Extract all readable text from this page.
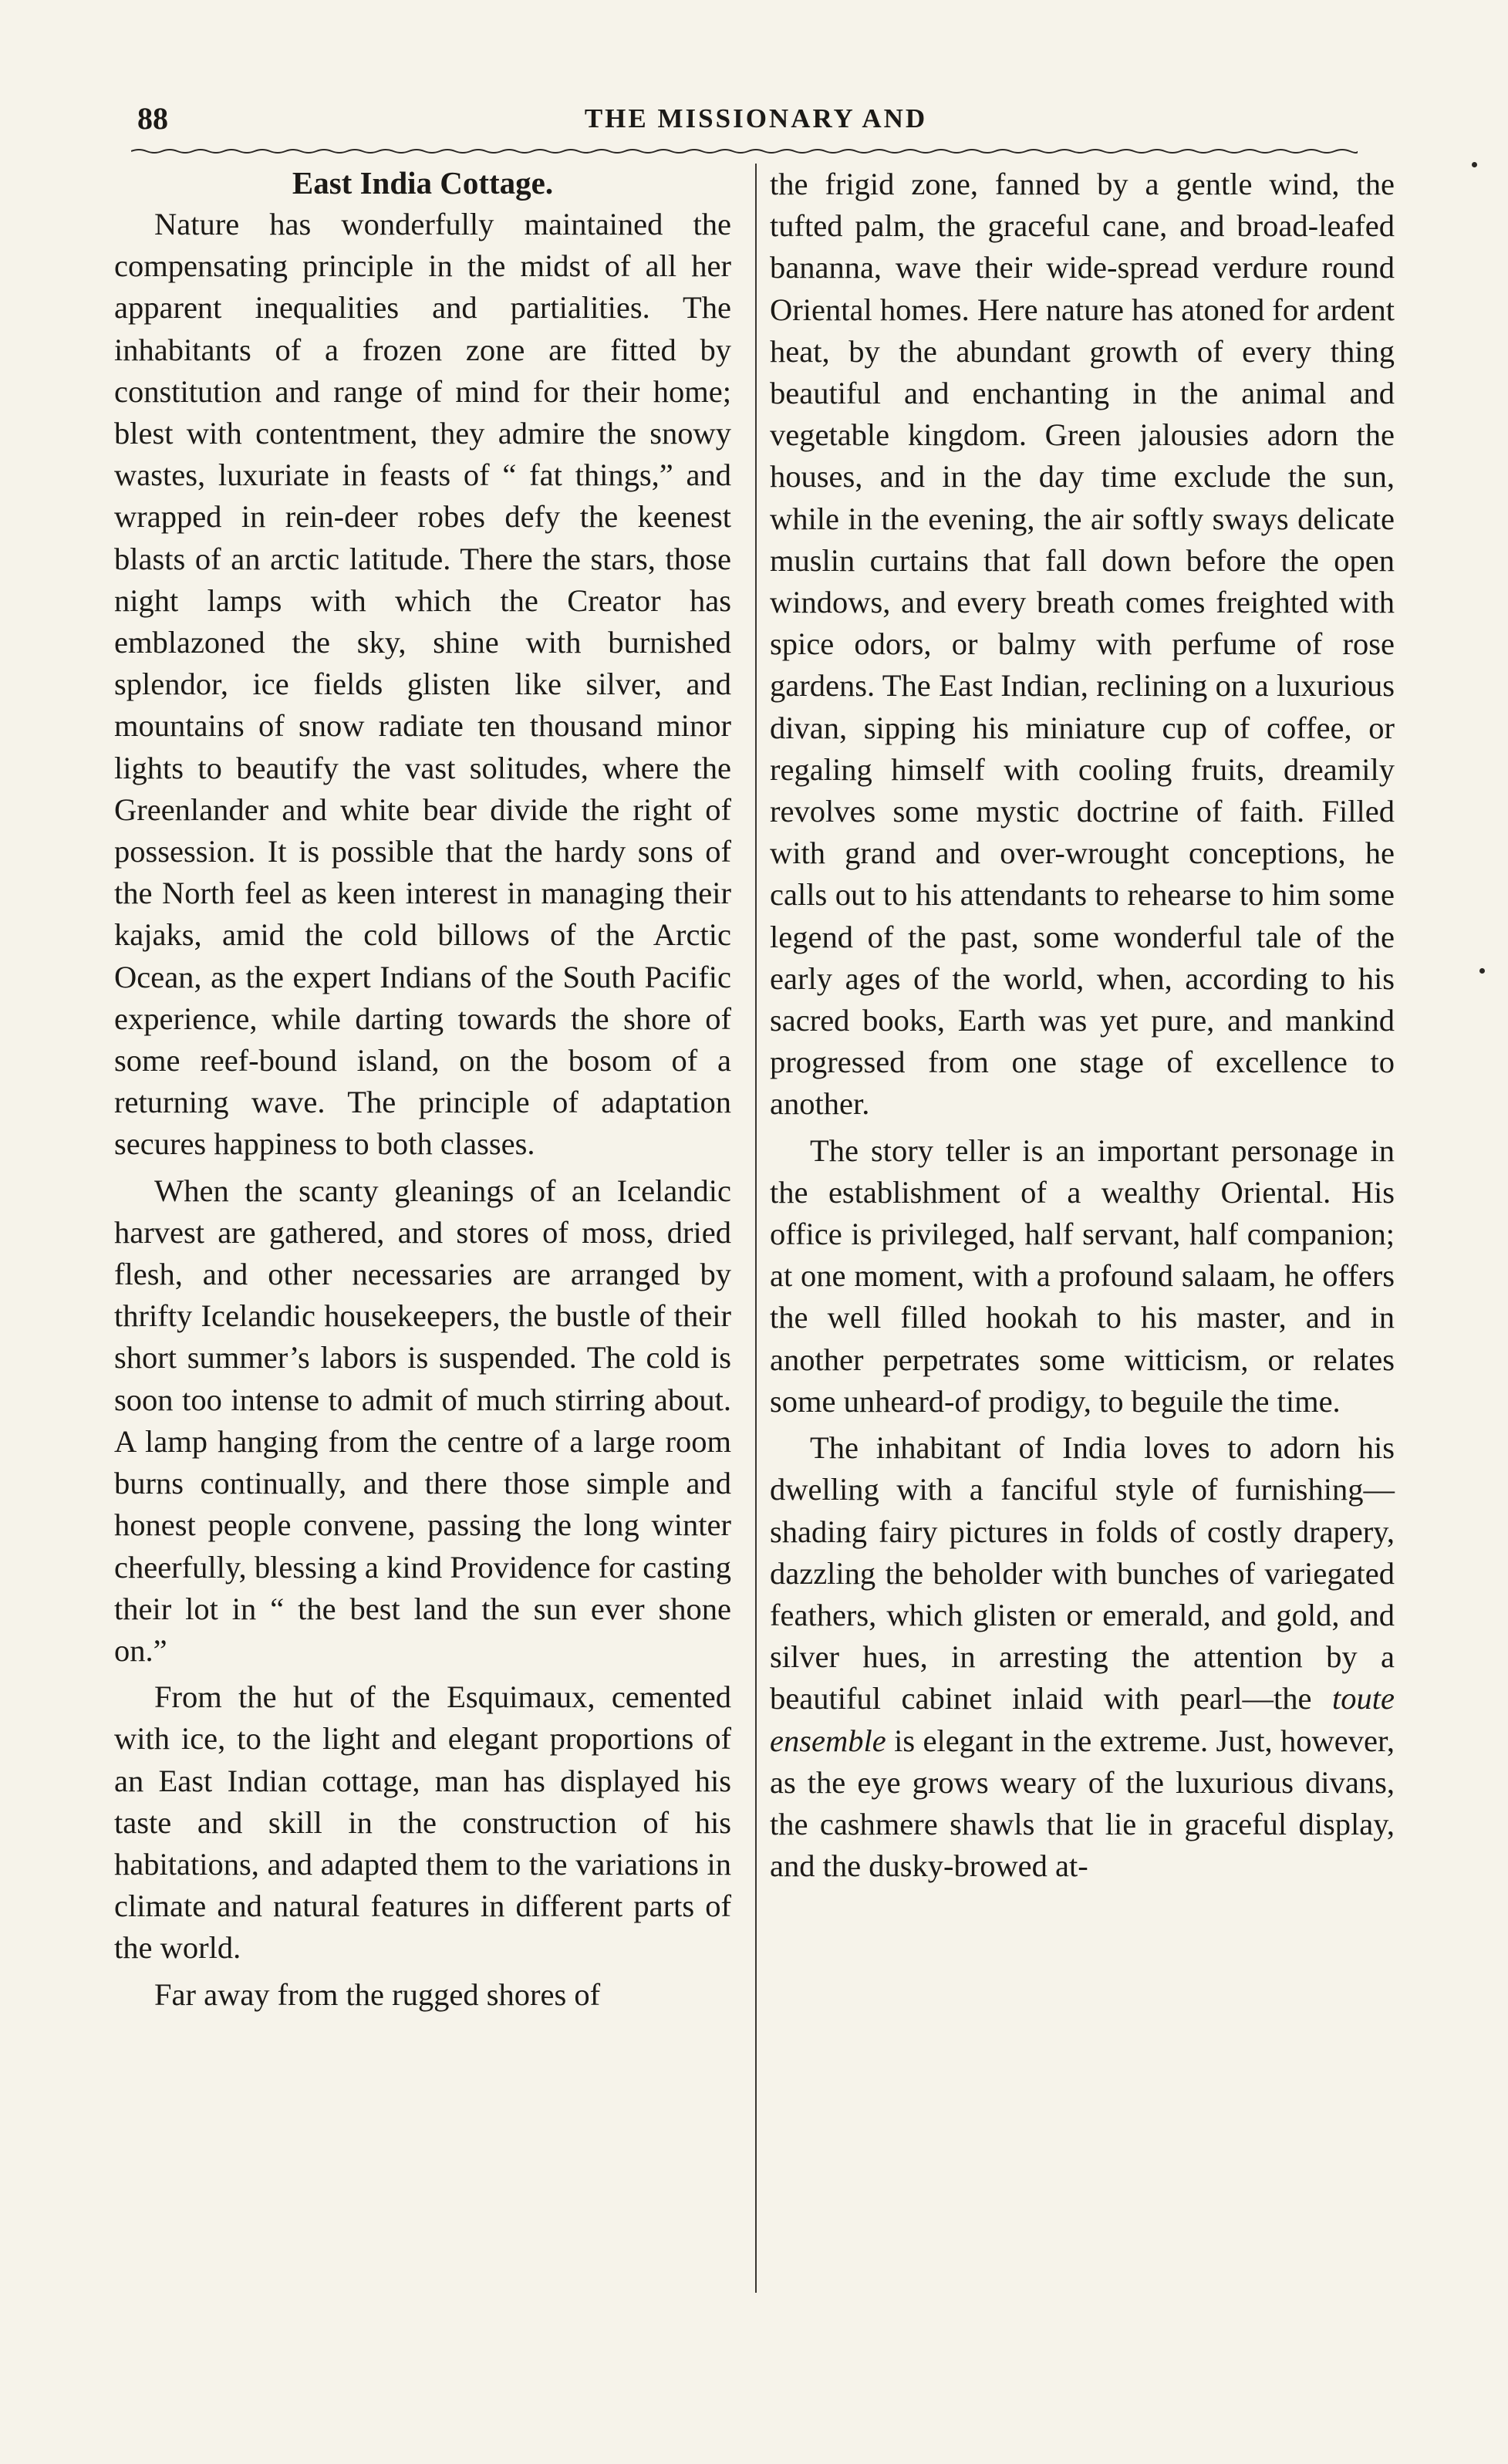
88	THE MISSIONARY AND
East India Cottage.

Nature has wonderfully maintained the compensating principle in the midst of all her apparent inequalities and partialities. The inhabitants of a frozen zone are fitted by constitution and range of mind for their home; blest with contentment, they admire the snowy wastes, luxuriate in feasts of “ fat things,” and wrapped in rein-deer robes defy the keenest blasts of an arctic latitude. There the stars, those night lamps with which the Creator has emblazoned the sky, shine with burnished splendor, ice fields glisten like silver, and mountains of snow radiate ten thousand minor lights to beautify the vast solitudes, where the Greenlander and white bear divide the right of possession. It is possible that the hardy sons of the North feel as keen interest in managing their kajaks, amid the cold billows of the Arctic Ocean, as the expert Indians of the South Pacific experience, while darting towards the shore of some reef-bound island, on the bosom of a returning wave. The principle of adaptation secures happiness to both classes.

When the scanty gleanings of an Icelandic harvest are gathered, and stores of moss, dried flesh, and other necessaries are arranged by thrifty Icelandic housekeepers, the bustle of their short summer’s labors is suspended. The cold is soon too intense to admit of much stirring about. A lamp hanging from the centre of a large room burns continually, and there those simple and honest people convene, passing the long winter cheerfully, blessing a kind Providence for casting their lot in “ the best land the sun ever shone on.”

From the hut of the Esquimaux, cemented with ice, to the light and elegant proportions of an East Indian cottage, man has displayed his taste and skill in the construction of his habitations, and adapted them to the variations in climate and natural features in different parts of the world.

Far away from the rugged shores of

the frigid zone, fanned by a gentle wind, the tufted palm, the graceful cane, and broad-leafed bananna, wave their wide-spread verdure round Oriental homes. Here nature has atoned for ardent heat, by the abundant growth of every thing beautiful and enchanting in the animal and vegetable kingdom. Green jalousies adorn the houses, and in the day time exclude the sun, while in the evening, the air softly sways delicate muslin curtains that fall down before the open windows, and every breath comes freighted with spice odors, or balmy with perfume of rose gardens. The East Indian, reclining on a luxurious divan, sipping his miniature cup of coffee, or regaling himself with cooling fruits, dreamily revolves some mystic doctrine of faith. Filled with grand and over-wrought conceptions, he calls out to his attendants to rehearse to him some legend of the past, some wonderful tale of the early ages of the world, when, according to his sacred books, Earth was yet pure, and mankind progressed from one stage of excellence to another.

The story teller is an important personage in the establishment of a wealthy Oriental. His office is privileged, half servant, half companion; at one moment, with a profound salaam, he offers the well filled hookah to his master, and in another perpetrates some witticism, or relates some unheard-of prodigy, to beguile the time.

The inhabitant of India loves to adorn his dwelling with a fanciful style of furnishing—shading fairy pictures in folds of costly drapery, dazzling the beholder with bunches of variegated feathers, which glisten or emerald, and gold, and silver hues, in arresting the attention by a beautiful cabinet inlaid with pearl—the toute ensemble is elegant in the extreme. Just, however, as the eye grows weary of the luxurious divans, the cashmere shawls that lie in graceful display, and the dusky-browed at-
